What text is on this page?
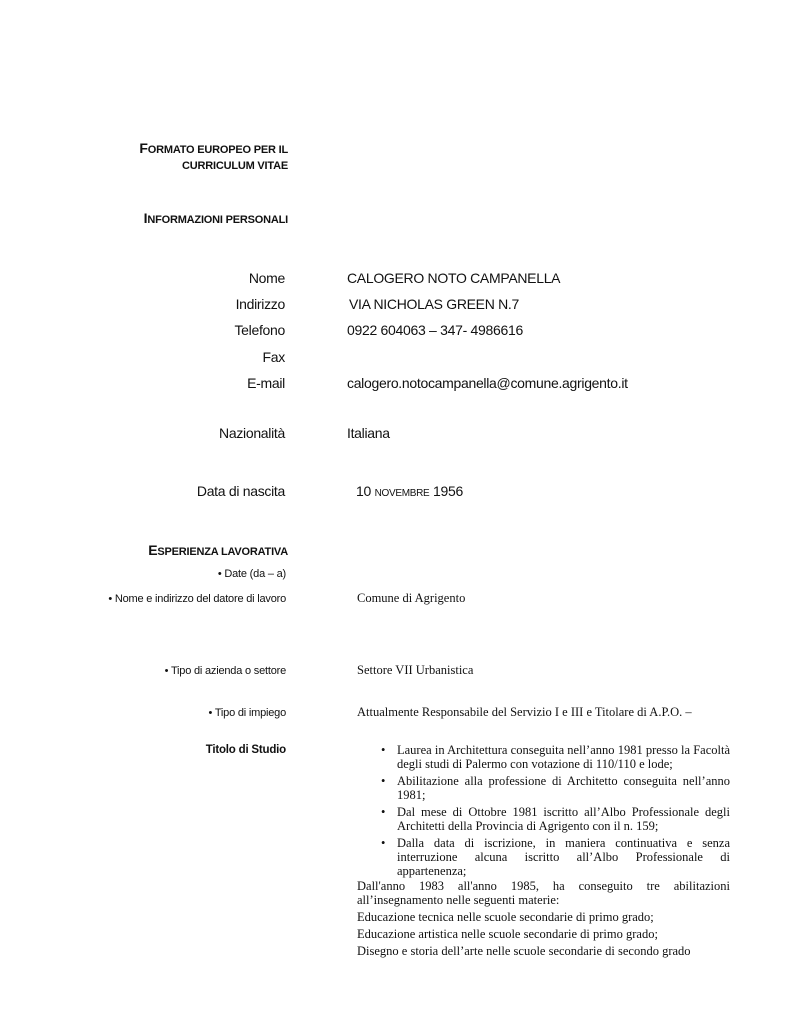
FORMATO EUROPEO PER IL
CURRICULUM VITAE
INFORMAZIONI PERSONALI
Nome	CALOGERO NOTO CAMPANELLA
Indirizzo	VIA NICHOLAS GREEN N.7
Telefono	0922 604063 – 347- 4986616
Fax
E-mail	calogero.notocampanella@comune.agrigento.it
Nazionalità	Italiana
Data di nascita	10 NOVEMBRE 1956
ESPERIENZA LAVORATIVA
• Date (da – a)
• Nome e indirizzo del datore di lavoro	Comune di Agrigento
• Tipo di azienda o settore	Settore VII Urbanistica
• Tipo di impiego	Attualmente Responsabile del Servizio I e III e Titolare di A.P.O. –
Titolo di Studio	• Laurea in Architettura conseguita nell’anno 1981 presso la Facoltà degli studi di Palermo con votazione di 110/110 e lode;
• Abilitazione alla professione di Architetto conseguita nell’anno 1981;
• Dal mese di Ottobre 1981 iscritto all’Albo Professionale degli Architetti della Provincia di Agrigento con il n. 159;
• Dalla data di iscrizione, in maniera continuativa e senza interruzione alcuna iscritto all’Albo Professionale di appartenenza;
Dall'anno 1983 all'anno 1985, ha conseguito tre abilitazioni all’insegnamento nelle seguenti materie:
Educazione tecnica nelle scuole secondarie di primo grado;
Educazione artistica nelle scuole secondarie di primo grado;
Disegno e storia dell’arte nelle scuole secondarie di secondo grado
